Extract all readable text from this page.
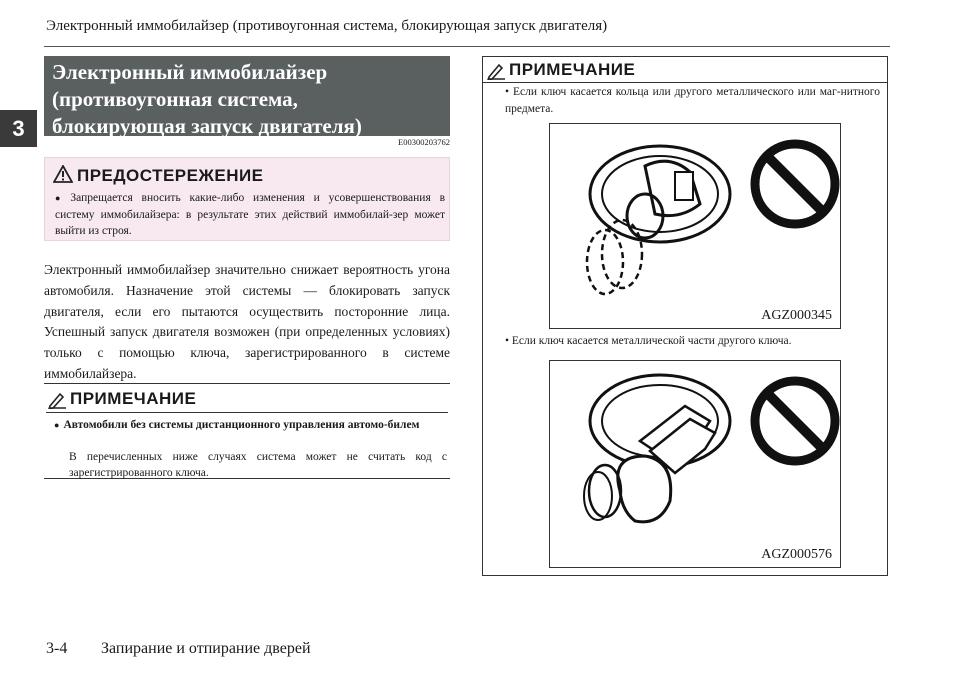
Электронный иммобилайзер (противоугонная система, блокирующая запуск двигателя)
3
Электронный иммобилайзер
(противоугонная система,
блокирующая запуск двигателя)
E00300203762
ПРЕДОСТЕРЕЖЕНИЕ
● Запрещается вносить какие-либо изменения и усовершенствования в систему иммобилайзера: в результате этих действий иммобилай-зер может выйти из строя.
Электронный иммобилайзер значительно снижает вероятность угона автомобиля. Назначение этой системы — блокировать запуск двигателя, если его пытаются осуществить посторонние лица. Успешный запуск двигателя возможен (при определенных условиях) только с помощью ключа, зарегистрированного в системе иммобилайзера.
ПРИМЕЧАНИЕ
● Автомобили без системы дистанционного управления автомо-билем
В перечисленных ниже случаях система может не считать код с зарегистрированного ключа.
ПРИМЕЧАНИЕ
• Если ключ касается кольца или другого металлического или маг-нитного предмета.
AGZ000345
• Если ключ касается металлической части другого ключа.
AGZ000576
3-4 Запирание и отпирание дверей
